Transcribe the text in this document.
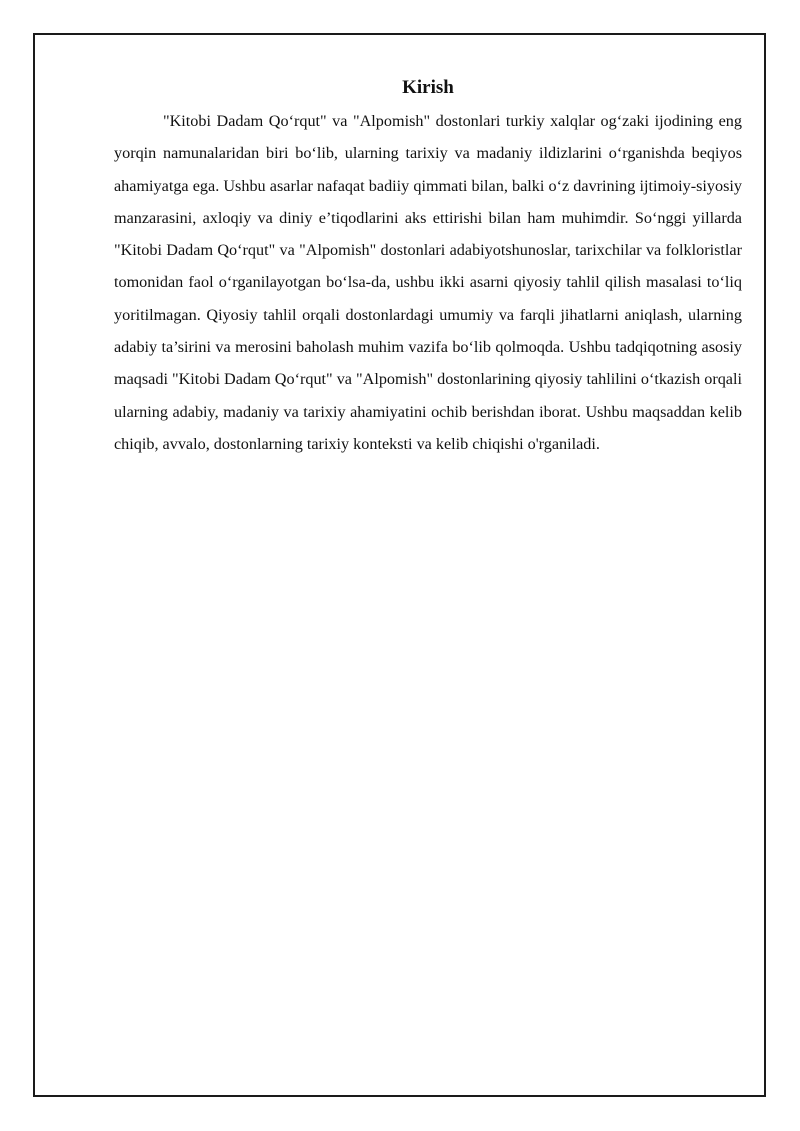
Kirish

"Kitobi Dadam Qo‘rqut" va "Alpomish" dostonlari turkiy xalqlar og‘zaki ijodining eng yorqin namunalaridan biri bo‘lib, ularning tarixiy va madaniy ildizlarini o‘rganishda beqiyos ahamiyatga ega. Ushbu asarlar nafaqat badiiy qimmati bilan, balki o‘z davrining ijtimoiy-siyosiy manzarasini, axloqiy va diniy e’tiqodlarini aks ettirishi bilan ham muhimdir. So‘nggi yillarda "Kitobi Dadam Qo‘rqut" va "Alpomish" dostonlari adabiyotshunoslar, tarixchilar va folkloristlar tomonidan faol o‘rganilayotgan bo‘lsa-da, ushbu ikki asarni qiyosiy tahlil qilish masalasi to‘liq yoritilmagan. Qiyosiy tahlil orqali dostonlardagi umumiy va farqli jihatlarni aniqlash, ularning adabiy ta’sirini va merosini baholash muhim vazifa bo‘lib qolmoqda. Ushbu tadqiqotning asosiy maqsadi "Kitobi Dadam Qo‘rqut" va "Alpomish" dostonlarining qiyosiy tahlilini o‘tkazish orqali ularning adabiy, madaniy va tarixiy ahamiyatini ochib berishdan iborat. Ushbu maqsaddan kelib chiqib, avvalo, dostonlarning tarixiy konteksti va kelib chiqishi o'rganiladi.
